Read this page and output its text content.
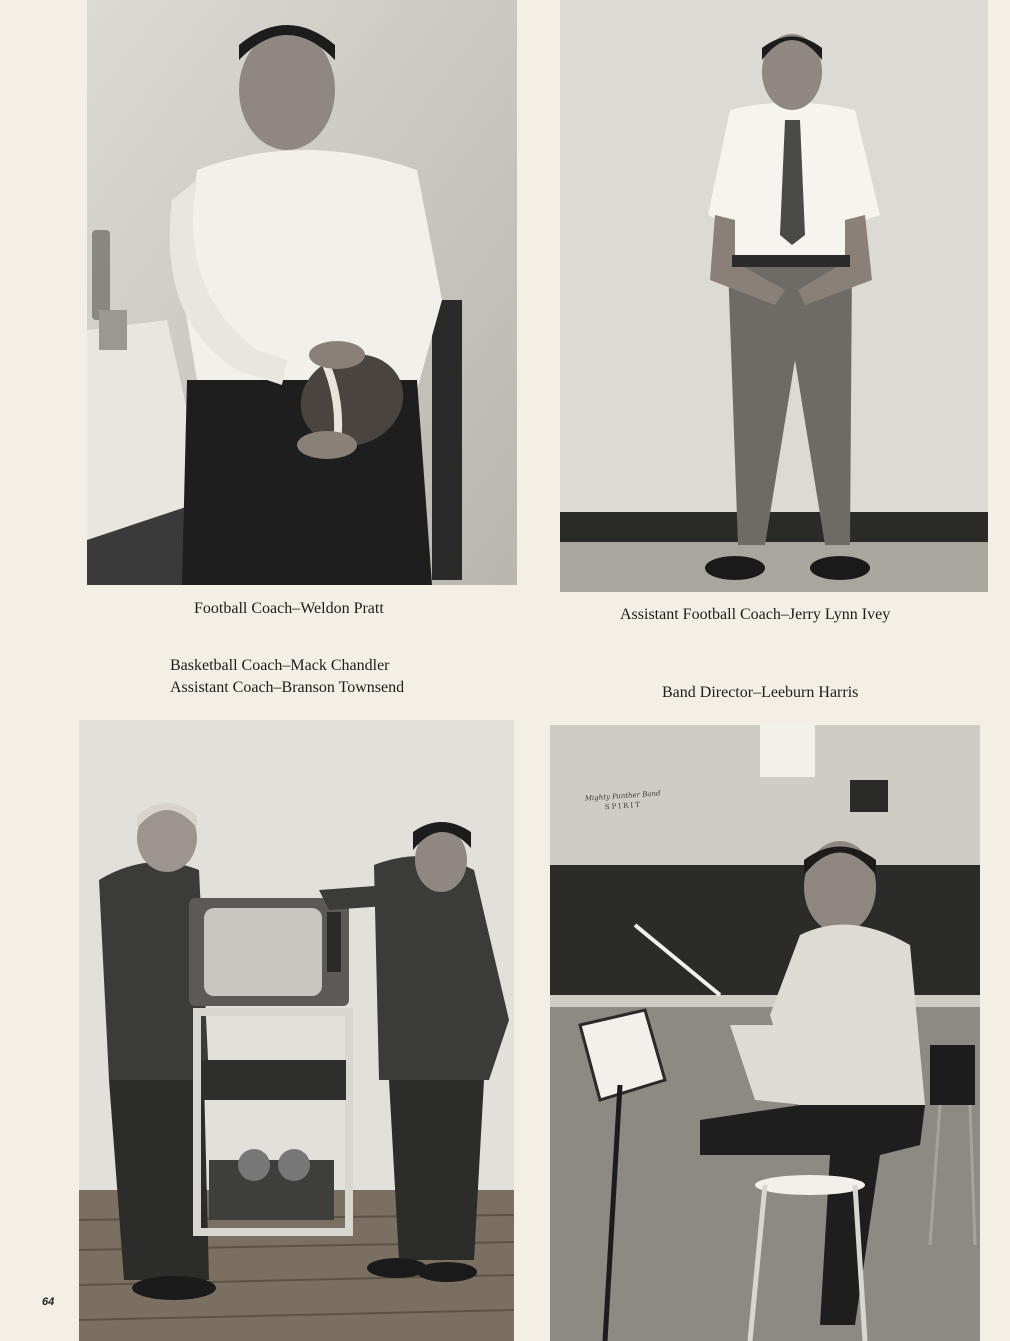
Football Coach–Weldon Pratt	Assistant Football Coach–Jerry Lynn Ivey
Basketball Coach–Mack Chandler
Assistant Coach–Branson Townsend	Band Director–Leeburn Harris
Mighty Panther Band
SPIRIT
64
